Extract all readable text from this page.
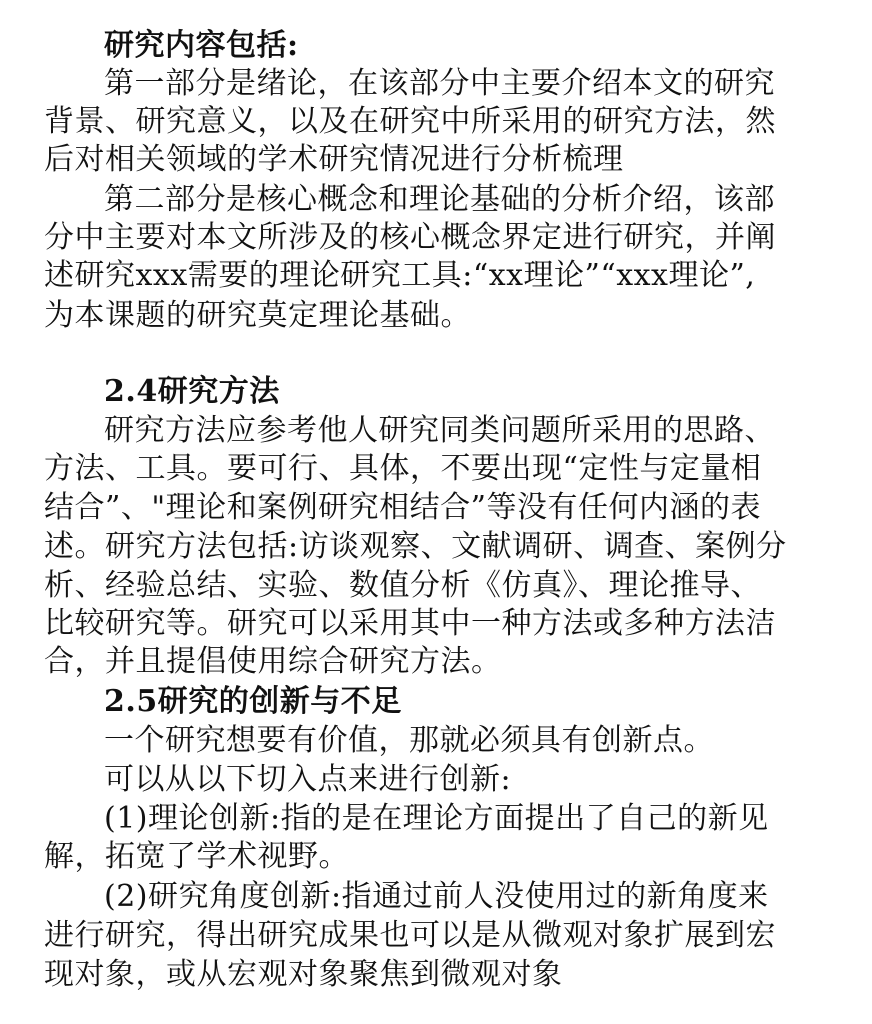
研究内容包括:
第一部分是绪论，在该部分中主要介绍本文的研究
背景、研究意义，以及在研究中所采用的研究方法，然
后对相关领域的学术研究情况进行分析梳理
第二部分是核心概念和理论基础的分析介绍，该部
分中主要对本文所涉及的核心概念界定进行研究，并阐
述研究xxx需要的理论研究工具:“xx理论”“xxx理论”,
为本课题的研究莫定理论基础。
2.4研究方法
研究方法应参考他人研究同类问题所采用的思路、
方法、工具。要可行、具体，不要出现“定性与定量相
结合”、"理论和案例研究相结合”等没有任何内涵的表
述。研究方法包括:访谈观察、文献调研、调查、案例分
析、经验总结、实验、数值分析《仿真》、理论推导、
比较研究等。研究可以采用其中一种方法或多种方法洁
合，并且提倡使用综合研究方法。
2.5研究的创新与不足
一个研究想要有价值，那就必须具有创新点。
可以从以下切入点来进行创新:
(1)理论创新:指的是在理论方面提出了自己的新见
解，拓宽了学术视野。
(2)研究角度创新:指通过前人没使用过的新角度来
进行研究，得出研究成果也可以是从微观对象扩展到宏
现对象，或从宏观对象聚焦到微观对象
